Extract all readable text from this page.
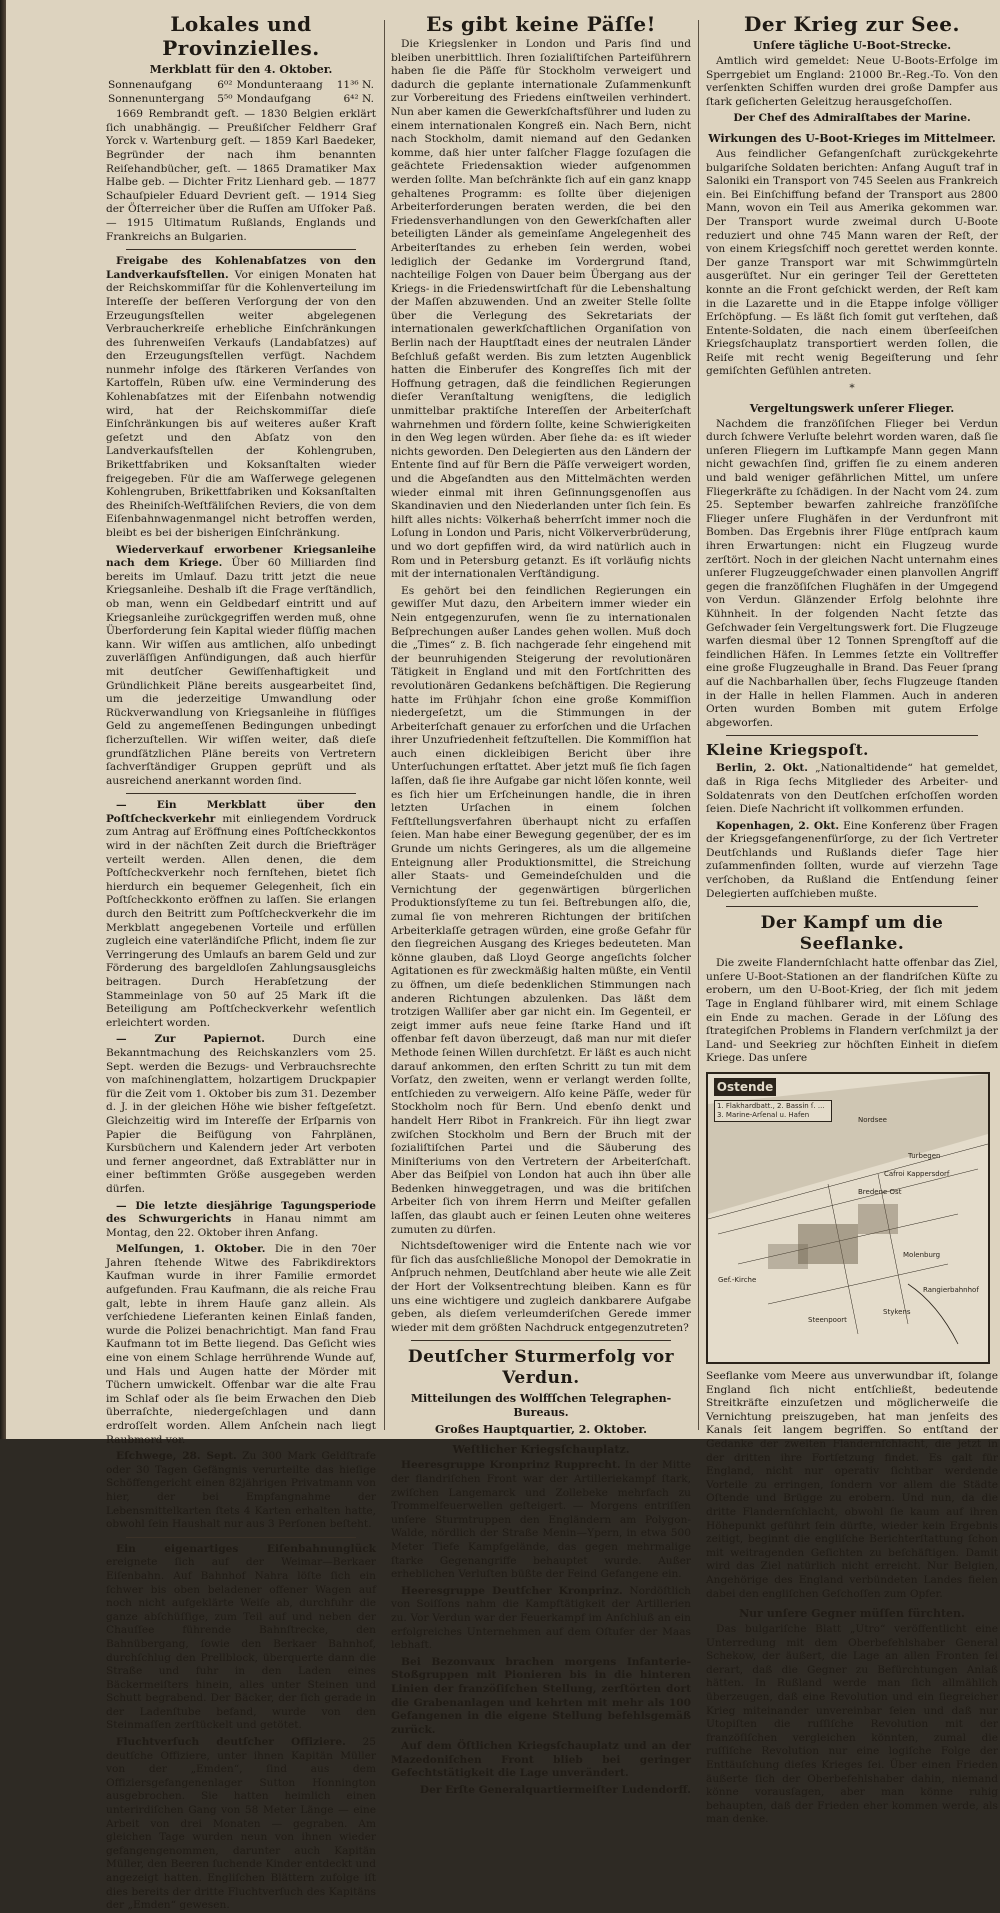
Lokales und Provinzielles.
Merkblatt für den 4. Oktober.
Sonnenaufgang	6⁰²	Mondunteraang	11³⁶ N.
Sonnenuntergang	5⁵⁰	Mondaufgang	6⁴² N.

1669 Rembrandt geſt. — 1830 Belgien erklärt ſich unabhängig. — Preußiſcher Feldherr Graf Yorck v. Wartenburg geſt. — 1859 Karl Baedeker, Begründer der nach ihm benannten Reiſehandbücher, geſt. — 1865 Dramatiker Max Halbe geb. — Dichter Fritz Lienhard geb. — 1877 Schauſpieler Eduard Devrient geſt. — 1914 Sieg der Öſterreicher über die Ruſſen am Uſſoker Paß. — 1915 Ultimatum Rußlands, Englands und Frankreichs an Bulgarien.

Freigabe des Kohlenabſatzes von den Landverkaufsſtellen. Vor einigen Monaten hat der Reichskommiſſar für die Kohlenverteilung im Intereſſe der beſſeren Verſorgung der von den Erzeugungsſtellen weiter abgelegenen Verbraucherkreiſe erhebliche Einſchränkungen des ſuhrenweiſen Verkaufs (Landabſatzes) auf den Erzeugungsſtellen verfügt. Nachdem nunmehr infolge des ſtärkeren Verſandes von Kartoffeln, Rüben uſw. eine Verminderung des Kohlenabſatzes mit der Eiſenbahn notwendig wird, hat der Reichskommiſſar dieſe Einſchränkungen bis auf weiteres außer Kraft geſetzt und den Abſatz von den Landverkaufsſtellen der Kohlengruben, Brikettfabriken und Koksanſtalten wieder freigegeben. Für die am Waſſerwege gelegenen Kohlengruben, Brikettfabriken und Koksanſtalten des Rheiniſch-Weſtfäliſchen Reviers, die von dem Eiſenbahnwagenmangel nicht betroffen werden, bleibt es bei der bisherigen Einſchränkung.

Wiederverkauf erworbener Kriegsanleihe nach dem Kriege. Über 60 Milliarden ſind bereits im Umlauf. Dazu tritt jetzt die neue Kriegsanleihe. Deshalb iſt die Frage verſtändlich, ob man, wenn ein Geldbedarf eintritt und auf Kriegsanleihe zurückgegriffen werden muß, ohne Überforderung ſein Kapital wieder flüſſig machen kann. Wir wiſſen aus amtlichen, alſo unbedingt zuverläſſigen Anfündigungen, daß auch hierfür mit deutſcher Gewiſſenhaftigkeit und Gründlichkeit Pläne bereits ausgearbeitet ſind, um die jederzeitige Umwandlung oder Rückverwandlung von Kriegsanleihe in flüſſiges Geld zu angemeſſenen Bedingungen unbedingt ſicherzuſtellen. Wir wiſſen weiter, daß dieſe grundſätzlichen Pläne bereits von Vertretern ſachverſtändiger Gruppen geprüft und als ausreichend anerkannt worden ſind.

— Ein Merkblatt über den Poſtſcheckverkehr mit einliegendem Vordruck zum Antrag auf Eröffnung eines Poſtſcheckkontos wird in der nächſten Zeit durch die Briefträger verteilt werden. Allen denen, die dem Poſtſcheckverkehr noch fernſtehen, bietet ſich hierdurch ein bequemer Gelegenheit, ſich ein Poſtſcheckkonto eröffnen zu laſſen. Sie erlangen durch den Beitritt zum Poſtſcheckverkehr die im Merkblatt angegebenen Vorteile und erfüllen zugleich eine vaterländiſche Pflicht, indem ſie zur Verringerung des Umlaufs an barem Geld und zur Förderung des bargeldloſen Zahlungsausgleichs beitragen. Durch Herabſetzung der Stammeinlage von 50 auf 25 Mark iſt die Beteiligung am Poſtſcheckverkehr weſentlich erleichtert worden.

— Zur Papiernot.	Durch eine Bekanntmachung des Reichskanzlers vom 25. Sept. werden die Bezugs- und Verbrauchsrechte von maſchinenglattem, holzartigem Druckpapier für die Zeit vom 1. Oktober bis zum 31. Dezember d. J. in der gleichen Höhe wie bisher feſtgeſetzt. Gleichzeitig wird im Intereſſe der Erſparnis von Papier die Beifügung von Fahrplänen, Kursbüchern und Kalendern jeder Art verboten und ferner angeordnet, daß Extrablätter nur in einer beſtimmten Größe ausgegeben werden dürfen.

— Die letzte diesjährige Tagungsperiode des Schwurgerichts in Hanau nimmt am Montag, den 22. Oktober ihren Anfang.

Melſungen, 1. Oktober. Die in den 70er Jahren ſtehende Witwe des Fabrikdirektors Kaufman wurde in ihrer Familie ermordet aufgefunden. Frau Kaufmann, die als reiche Frau galt, lebte in ihrem Hauſe ganz allein. Als verſchiedene Lieferanten keinen Einlaß fanden, wurde die Polizei benachrichtigt. Man fand Frau Kaufmann tot im Bette liegend. Das Geſicht wies eine von einem Schlage herrührende Wunde auf, und Hals und Augen hatte der Mörder mit Tüchern umwickelt. Offenbar war die alte Frau im Schlaf oder als ſie beim Erwachen den Dieb überraſchte, niedergeſchlagen und dann erdroſſelt worden. Allem Anſchein nach liegt Raubmord vor.

Eſchwege, 28. Sept. Zu 300 Mark Geldſtrafe oder 30 Tagen Gefängnis verurteilte das hieſige Schöffengericht einen 82jährigen Privatmann von hier, der bei Empfangnahme der Lebensmittelkarten ſtets 4 Karten erhalten hatte, obwohl ſein Haushalt nur aus 3 Perſonen beſteht.

Ein eigenartiges Eiſenbahnunglück ereignete ſich auf der Weimar—Berkaer Eiſenbahn. Auf Bahnhof Nahra löſte ſich ein ſchwer bis oben beladener offener Wagen auf noch nicht aufgeklärte Weiſe ab, durchfuhr die ganze abſchüſſige, zum Teil auf und neben der Chauſſee führende Bahnſtrecke, den Bahnübergang, ſowie den Berkaer Bahnhof, durchſchlug den Prellblock, überquerte dann die Straße und fuhr in den Laden eines Bäckermeiſters hinein, alles unter Steinen und Schutt begrabend. Der Bäcker, der ſich gerade in der Ladenſtube befand, wurde von den Steinmaſſen zerſtückelt und getötet.

Fluchtverſuch deutſcher Offiziere. 25 deutſche Offiziere, unter ihnen Kapitän Müller von der „Emden“, ſind aus dem Offiziersgefangenenlager Sutton Honnington ausgebrochen. Sie hatten heimlich einen unterirdiſchen Gang von 58 Meter Länge — eine Arbeit von drei Monaten — gegraben. Am gleichen Tage wurden neun von ihnen wieder gefangengenommen, darunter auch Kapitän Müller, den Beeren ſuchende Kinder entdeckt und angezeigt hatten. Engliſchen Blättern zufolge iſt dies bereits der dritte Fluchtverſuch des Kapitäns der „Emden“ gewesen.

Es gibt keine Päſſe!

Die Kriegslenker in London und Paris ſind und bleiben unerbittlich. Ihren ſozialiſtiſchen Parteiführern haben ſie die Päſſe für Stockholm verweigert und dadurch die geplante internationale Zuſammenkunft zur Vorbereitung des Friedens einſtweilen verhindert. Nun aber kamen die Gewerkſchaftsführer und luden zu einem internationalen Kongreß ein. Nach Bern, nicht nach Stockholm, damit niemand auf den Gedanken komme, daß hier unter falſcher Flagge ſozuſagen die geächtete Friedensaktion wieder aufgenommen werden ſollte. Man beſchränkte ſich auf ein ganz knapp gehaltenes Programm: es ſollte über diejenigen Arbeiterforderungen beraten werden, die bei den Friedensverhandlungen von den Gewerkſchaften aller beteiligten Länder als gemeinſame Angelegenheit des Arbeiterſtandes zu erheben ſein werden, wobei lediglich der Gedanke im Vordergrund ſtand, nachteilige Folgen von Dauer beim Übergang aus der Kriegs- in die Friedenswirtſchaft für die Lebenshaltung der Maſſen abzuwenden. Und an zweiter Stelle ſollte über die Verlegung des Sekretariats der internationalen gewerkſchaftlichen Organiſation von Berlin nach der Hauptſtadt eines der neutralen Länder Beſchluß gefaßt werden. Bis zum letzten Augenblick hatten die Einberufer des Kongreſſes ſich mit der Hoffnung getragen, daß die feindlichen Regierungen dieſer Veranſtaltung wenigſtens, die lediglich unmittelbar praktiſche Intereſſen der Arbeiterſchaft wahrnehmen und fördern ſollte, keine Schwierigkeiten in den Weg legen würden. Aber ſiehe da: es iſt wieder nichts geworden. Den Delegierten aus den Ländern der Entente ſind auf für Bern die Päſſe verweigert worden, und die Abgeſandten aus den Mittelmächten werden wieder einmal mit ihren Geſinnungsgenoſſen aus Skandinavien und den Niederlanden unter ſich ſein. Es hilft alles nichts: Völkerhaß beherrſcht immer noch die Loſung in London und Paris, nicht Völkerverbrüderung, und wo dort gepfiffen wird, da wird natürlich auch in Rom und in Petersburg getanzt. Es iſt vorläufig nichts mit der internationalen Verſtändigung.

Es gehört bei den feindlichen Regierungen ein gewiſſer Mut dazu, den Arbeitern immer wieder ein Nein entgegenzurufen, wenn ſie zu internationalen Beſprechungen außer Landes gehen wollen. Muß doch die „Times“ z. B. ſich nachgerade ſehr eingehend mit der beunruhigenden Steigerung der revolutionären Tätigkeit in England und mit den Fortſchritten des revolutionären Gedankens beſchäftigen. Die Regierung hatte im Frühjahr ſchon eine große Kommiſſion niedergeſetzt, um die Stimmungen in der Arbeiterſchaft genauer zu erforſchen und die Urſachen ihrer Unzufriedenheit feſtzuſtellen. Die Kommiſſion hat auch einen dickleibigen Bericht über ihre Unterſuchungen erſtattet. Aber jetzt muß ſie ſich ſagen laſſen, daß ſie ihre Aufgabe gar nicht löſen konnte, weil es ſich hier um Erſcheinungen handle, die in ihren letzten Urſachen in einem ſolchen Feſtſtellungsverfahren überhaupt nicht zu erfaſſen ſeien. Man habe einer Bewegung gegenüber, der es im Grunde um nichts Geringeres, als um die allgemeine Enteignung aller Produktionsmittel, die Streichung aller Staats- und Gemeindeſchulden und die Vernichtung der gegenwärtigen bürgerlichen Produktionsſyſteme zu tun ſei. Beſtrebungen alſo, die, zumal ſie von mehreren Richtungen der britiſchen Arbeiterklaſſe getragen würden, eine große Gefahr für den ſiegreichen Ausgang des Krieges bedeuteten. Man könne glauben, daß Lloyd George angeſichts ſolcher Agitationen es für zweckmäßig halten müßte, ein Ventil zu öffnen, um dieſe bedenklichen Stimmungen nach anderen Richtungen abzulenken. Das läßt dem trotzigen Walliſer aber gar nicht ein. Im Gegenteil, er zeigt immer aufs neue feine ſtarke Hand und iſt offenbar feſt davon überzeugt, daß man nur mit dieſer Methode ſeinen Willen durchſetzt. Er läßt es auch nicht darauf ankommen, den erſten Schritt zu tun mit dem Vorſatz, den zweiten, wenn er verlangt werden ſollte, entſchieden zu verweigern. Alſo keine Päſſe, weder für Stockholm noch für Bern. Und ebenſo denkt und handelt Herr Ribot in Frankreich. Für ihn liegt zwar zwiſchen Stockholm und Bern der Bruch mit der ſozialiſtiſchen Partei und die Säuberung des Miniſteriums von den Vertretern der Arbeiterſchaft. Aber das Beiſpiel von London hat auch ihn über alle Bedenken hinweggetragen, und was die britiſchen Arbeiter ſich von ihrem Herrn und Meiſter gefallen laſſen, das glaubt auch er ſeinen Leuten ohne weiteres zumuten zu dürfen.

Nichtsdeſtoweniger wird die Entente nach wie vor für ſich das ausſchließliche Monopol der Demokratie in Anſpruch nehmen, Deutſchland aber heute wie alle Zeit der Hort der Volksentrechtung bleiben. Kann es für uns eine wichtigere und zugleich dankbarere Aufgabe geben, als dieſem verleumderiſchen Gerede immer wieder mit dem größten Nachdruck entgegenzutreten?

Deutſcher Sturmerfolg vor Verdun.
Mitteilungen des Wolffſchen Telegraphen-Bureaus.
Großes Hauptquartier, 2. Oktober.
Weſtlicher Kriegsſchauplatz.

Heeresgruppe Kronprinz Rupprecht. In der Mitte der flandriſchen Front war der Artilleriekampf ſtark, zwiſchen Langemarck und Zollebeke mehrfach zu Trommelfeuerwellen geſteigert. — Morgens entriſſen unſere Sturmtruppen den Engländern am Polygon-Walde, nördlich der Straße Menin—Ypern, in etwa 500 Meter Tiefe Kampfgelände, das gegen mehrmalige ſtarke Gegenangriffe behauptet wurde. Außer erheblichen Verluſten büßte der Feind Gefangene ein.

Heeresgruppe Deutſcher Kronprinz. Nordöſtlich von Soiſſons nahm die Kampftätigkeit der Artillerien zu. Vor Verdun war der Feuerkampf im Anſchluß an ein erfolgreiches Unternehmen auf dem Oſtufer der Maas lebhaft.

Bei Bezonvaux brachen morgens Infanterie-Stoßgruppen mit Pionieren bis in die hinteren Linien der franzöſiſchen Stellung, zerſtörten dort die Grabenanlagen und kehrten mit mehr als 100 Gefangenen in die eigene Stellung befehlsgemäß zurück.

Auf dem Öſtlichen Kriegsſchauplatz und an der Mazedoniſchen Front blieb bei geringer Gefechtstätigkeit die Lage unverändert.

Der Erſte Generalquartiermeiſter Ludendorff.
Der Krieg zur See.
Unſere tägliche U-Boot-Strecke.

Amtlich wird gemeldet: Neue U-Boots-Erfolge im Sperrgebiet um England: 21000 Br.-Reg.-To. Von den verſenkten Schiffen wurden drei große Dampfer aus ſtark geſicherten Geleitzug herausgeſchoſſen.

Der Chef des Admiralſtabes der Marine.
Wirkungen des U-Boot-Krieges im Mittelmeer.

Aus feindlicher Gefangenſchaft zurückgekehrte bulgariſche Soldaten berichten: Anfang Auguſt traf in Saloniki ein Transport von 745 Seelen aus Frankreich ein. Bei Einſchiffung befand der Transport aus 2800 Mann, wovon ein Teil aus Amerika gekommen war. Der Transport wurde zweimal durch U-Boote reduziert und ohne 745 Mann waren der Reſt, der von einem Kriegsſchiff noch gerettet werden konnte. Der ganze Transport war mit Schwimmgürteln ausgerüſtet. Nur ein geringer Teil der Geretteten konnte an die Front geſchickt werden, der Reſt kam in die Lazarette und in die Etappe infolge völliger Erſchöpfung. — Es läßt ſich ſomit gut verſtehen, daß Entente-Soldaten, die nach einem überſeeiſchen Kriegsſchauplatz transportiert werden ſollen, die Reiſe mit recht wenig Begeiſterung und ſehr gemiſchten Gefühlen antreten.

*
Vergeltungswerk unſerer Flieger.

Nachdem die franzöſiſchen Flieger bei Verdun durch ſchwere Verluſte belehrt worden waren, daß ſie unſeren Fliegern im Luftkampfe Mann gegen Mann nicht gewachſen ſind, griffen ſie zu einem anderen und bald weniger gefährlichen Mittel, um unſere Fliegerkräfte zu ſchädigen. In der Nacht vom 24. zum 25. September bewarfen zahlreiche franzöſiſche Flieger unſere Flughäfen in der Verdunfront mit Bomben. Das Ergebnis ihrer Flüge entſprach kaum ihren Erwartungen: nicht ein Flugzeug wurde zerſtört. Noch in der gleichen Nacht unternahm eines unſerer Flugzeuggeſchwader einen planvollen Angriff gegen die franzöſiſchen Flughäfen in der Umgegend von Verdun. Glänzender Erfolg belohnte ihre Kühnheit. In der folgenden Nacht ſetzte das Geſchwader ſein Vergeltungswerk fort. Die Flugzeuge warfen diesmal über 12 Tonnen Sprengſtoff auf die feindlichen Häfen. In Lemmes ſetzte ein Volltreffer eine große Flugzeughalle in Brand. Das Feuer ſprang auf die Nachbarhallen über, ſechs Flugzeuge ſtanden in der Halle in hellen Flammen. Auch in anderen Orten wurden Bomben mit gutem Erfolge abgeworfen.

Kleine Kriegspoſt.

Berlin, 2. Okt. „Nationaltidende“ hat gemeldet, daß in Riga ſechs Mitglieder des Arbeiter- und Soldatenrats von den Deutſchen erſchoſſen worden ſeien. Dieſe Nachricht iſt vollkommen erfunden.

Kopenhagen, 2. Okt. Eine Konferenz über Fragen der Kriegsgefangenenfürſorge, zu der ſich Vertreter Deutſchlands und Rußlands dieſer Tage hier zuſammenfinden ſollten, wurde auf vierzehn Tage verſchoben, da Rußland die Entſendung ſeiner Delegierten aufſchieben mußte.

Der Kampf um die Seeflanke.

Die zweite Flandernſchlacht hatte offenbar das Ziel, unſere U-Boot-Stationen an der flandriſchen Küſte zu erobern, um den U-Boot-Krieg, der ſich mit jedem Tage in England fühlbarer wird, mit einem Schlage ein Ende zu machen. Gerade in der Löſung des ſtrategiſchen Problems in Flandern verſchmilzt ja der Land- und Seekrieg zur höchſten Einheit in dieſem Kriege. Das unſere

Ostende
1. Flakhardbatt., 2. Bassin ſ. ...
3. Marine-Arſenal u. Hafen
Turbegen
Cafroi Kappersdorf
Bredene Ost
Nordsee
Gef.-Kirche
Molenburg
Steenpoort
Stykens
Rangierbahnhof

Seeflanke vom Meere aus unverwundbar iſt, ſolange England ſich nicht entſchließt, bedeutende Streitkräfte einzuſetzen und möglicherweiſe die Vernichtung preiszugeben, hat man jenſeits des Kanals ſeit langem begriffen. So entſtand der Gedanke der zweiten Flandernſchlacht, die jetzt in der dritten ihre Fortſetzung findet. Es galt für England, nicht nur operativ ſichtbar werdende Vorteile zu erringen, ſondern vor allem die Städte Oſtende und Brügge zu erobern. Und nun, da die dritte Flandernſchlacht, obwohl ſie kaum auf ihren Höhepunkt geführt ſein dürfte, wieder kein Ergebnis zeitigt, beginnt die engliſche Berichterſtattung ſchon mit weitragenden Geſichten zu beſchäftigen. Damit wird das Ziel natürlich nicht erreicht. Nur Belgien, Angehörige des England verbündeten Landes fielen dabei den engliſchen Geſchoſſen zum Opfer.

Nur unſere Gegner müſſen fürchten.

Das bulgariſche Blatt „Utro“ veröffentlicht eine Unterredung mit dem Oberbefehlshaber General Schekow, der äußert, die Lage an allen Fronten ſei derart, daß die Gegner zu Befürchtungen Anlaß hätten. In Rußland werde man ſich allmählich überzeugen, daß eine Revolution und ein ſiegreicher Krieg miteinander unvereinbar ſeien und daß nur Utopiſten die ruſſiſche Revolution mit der franzöſiſchen vergleichen könnten, zumal die ruſſiſche Revolution nur eine logiſche Folge der Enttäuſchung dieſes Krieges ſei. Über einen Frieden äußerte ſich der Oberbefehlshaber dahin, niemand könne vorausſagen, aber man könne ruhig behaupten, daß der Frieden eher kommen werde, als man denke.
